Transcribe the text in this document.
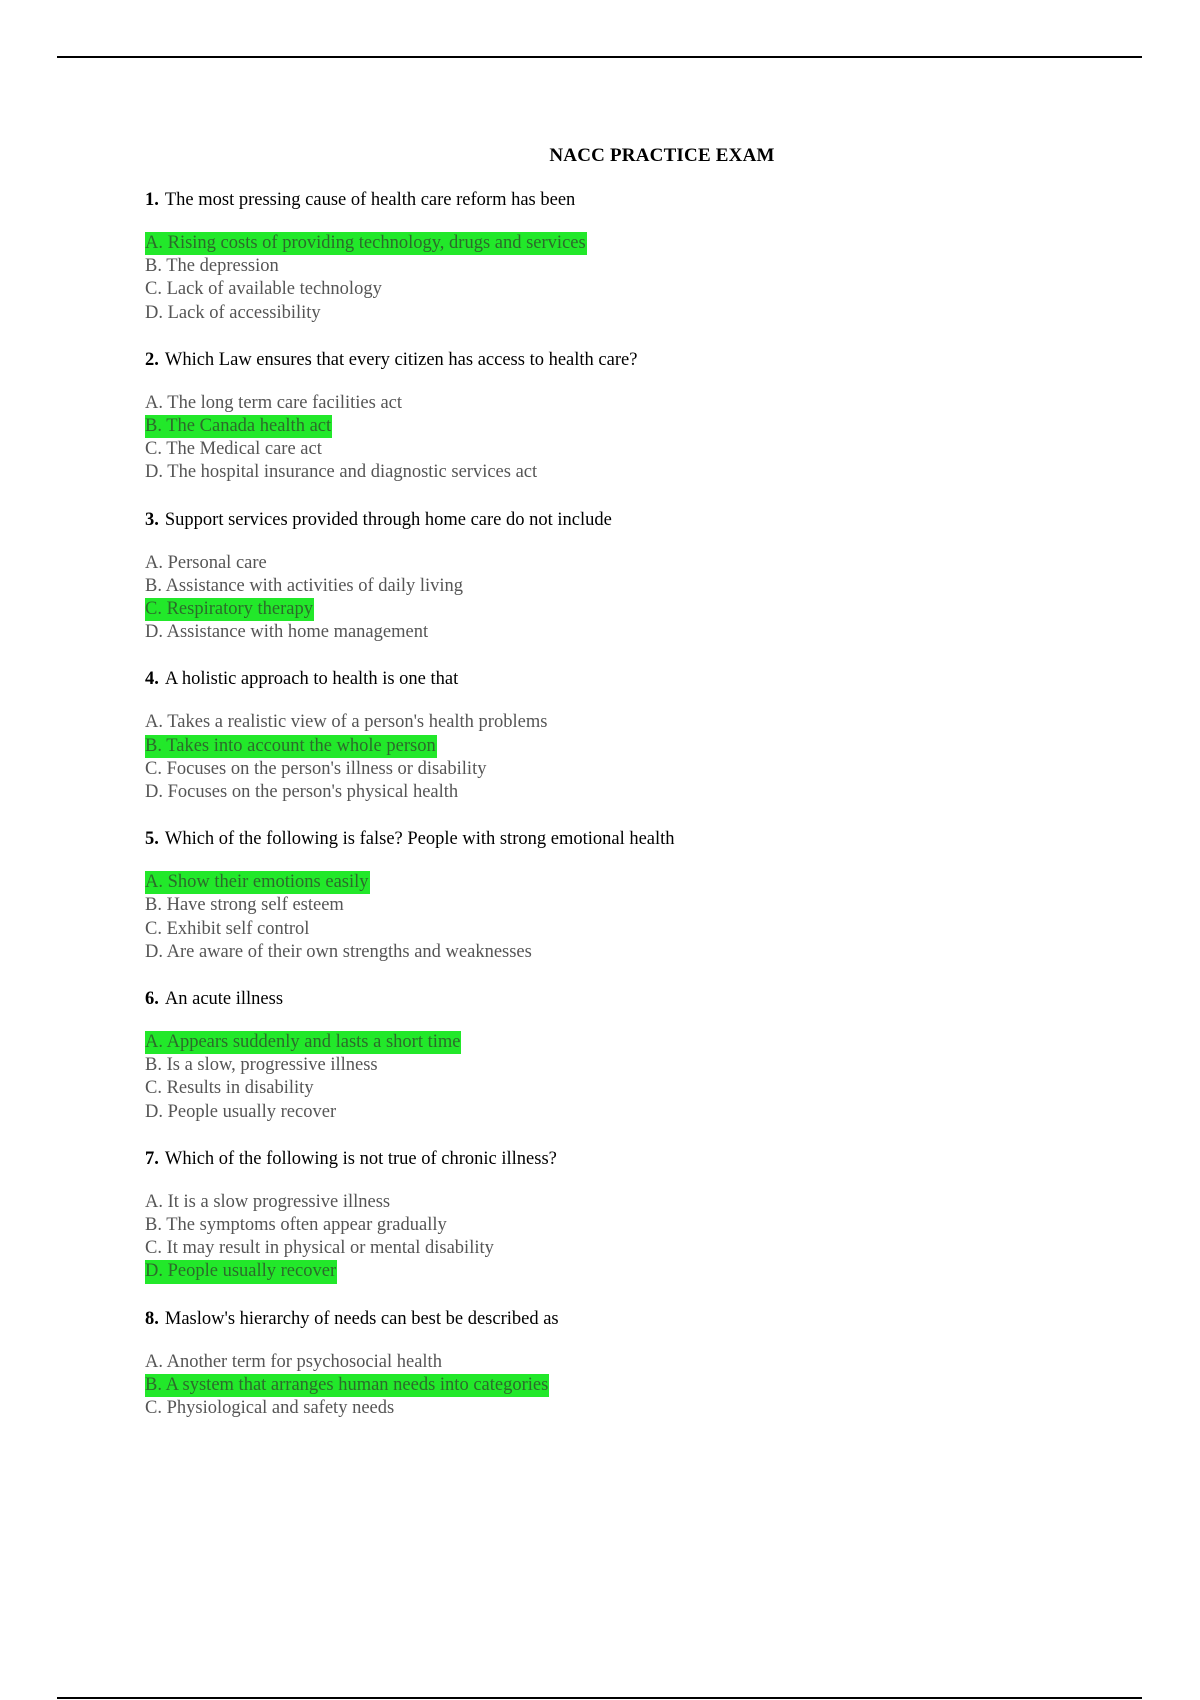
NACC PRACTICE EXAM
1. The most pressing cause of health care reform has been
A. Rising costs of providing technology, drugs and services
B. The depression
C. Lack of available technology
D. Lack of accessibility
2. Which Law ensures that every citizen has access to health care?
A. The long term care facilities act
B. The Canada health act
C. The Medical care act
D. The hospital insurance and diagnostic services act
3. Support services provided through home care do not include
A. Personal care
B. Assistance with activities of daily living
C. Respiratory therapy
D. Assistance with home management
4. A holistic approach to health is one that
A. Takes a realistic view of a person's health problems
B. Takes into account the whole person
C. Focuses on the person's illness or disability
D. Focuses on the person's physical health
5. Which of the following is false? People with strong emotional health
A. Show their emotions easily
B. Have strong self esteem
C. Exhibit self control
D. Are aware of their own strengths and weaknesses
6. An acute illness
A. Appears suddenly and lasts a short time
B. Is a slow, progressive illness
C. Results in disability
D. People usually recover
7. Which of the following is not true of chronic illness?
A. It is a slow progressive illness
B. The symptoms often appear gradually
C. It may result in physical or mental disability
D. People usually recover
8. Maslow's hierarchy of needs can best be described as
A. Another term for psychosocial health
B. A system that arranges human needs into categories
C. Physiological and safety needs
